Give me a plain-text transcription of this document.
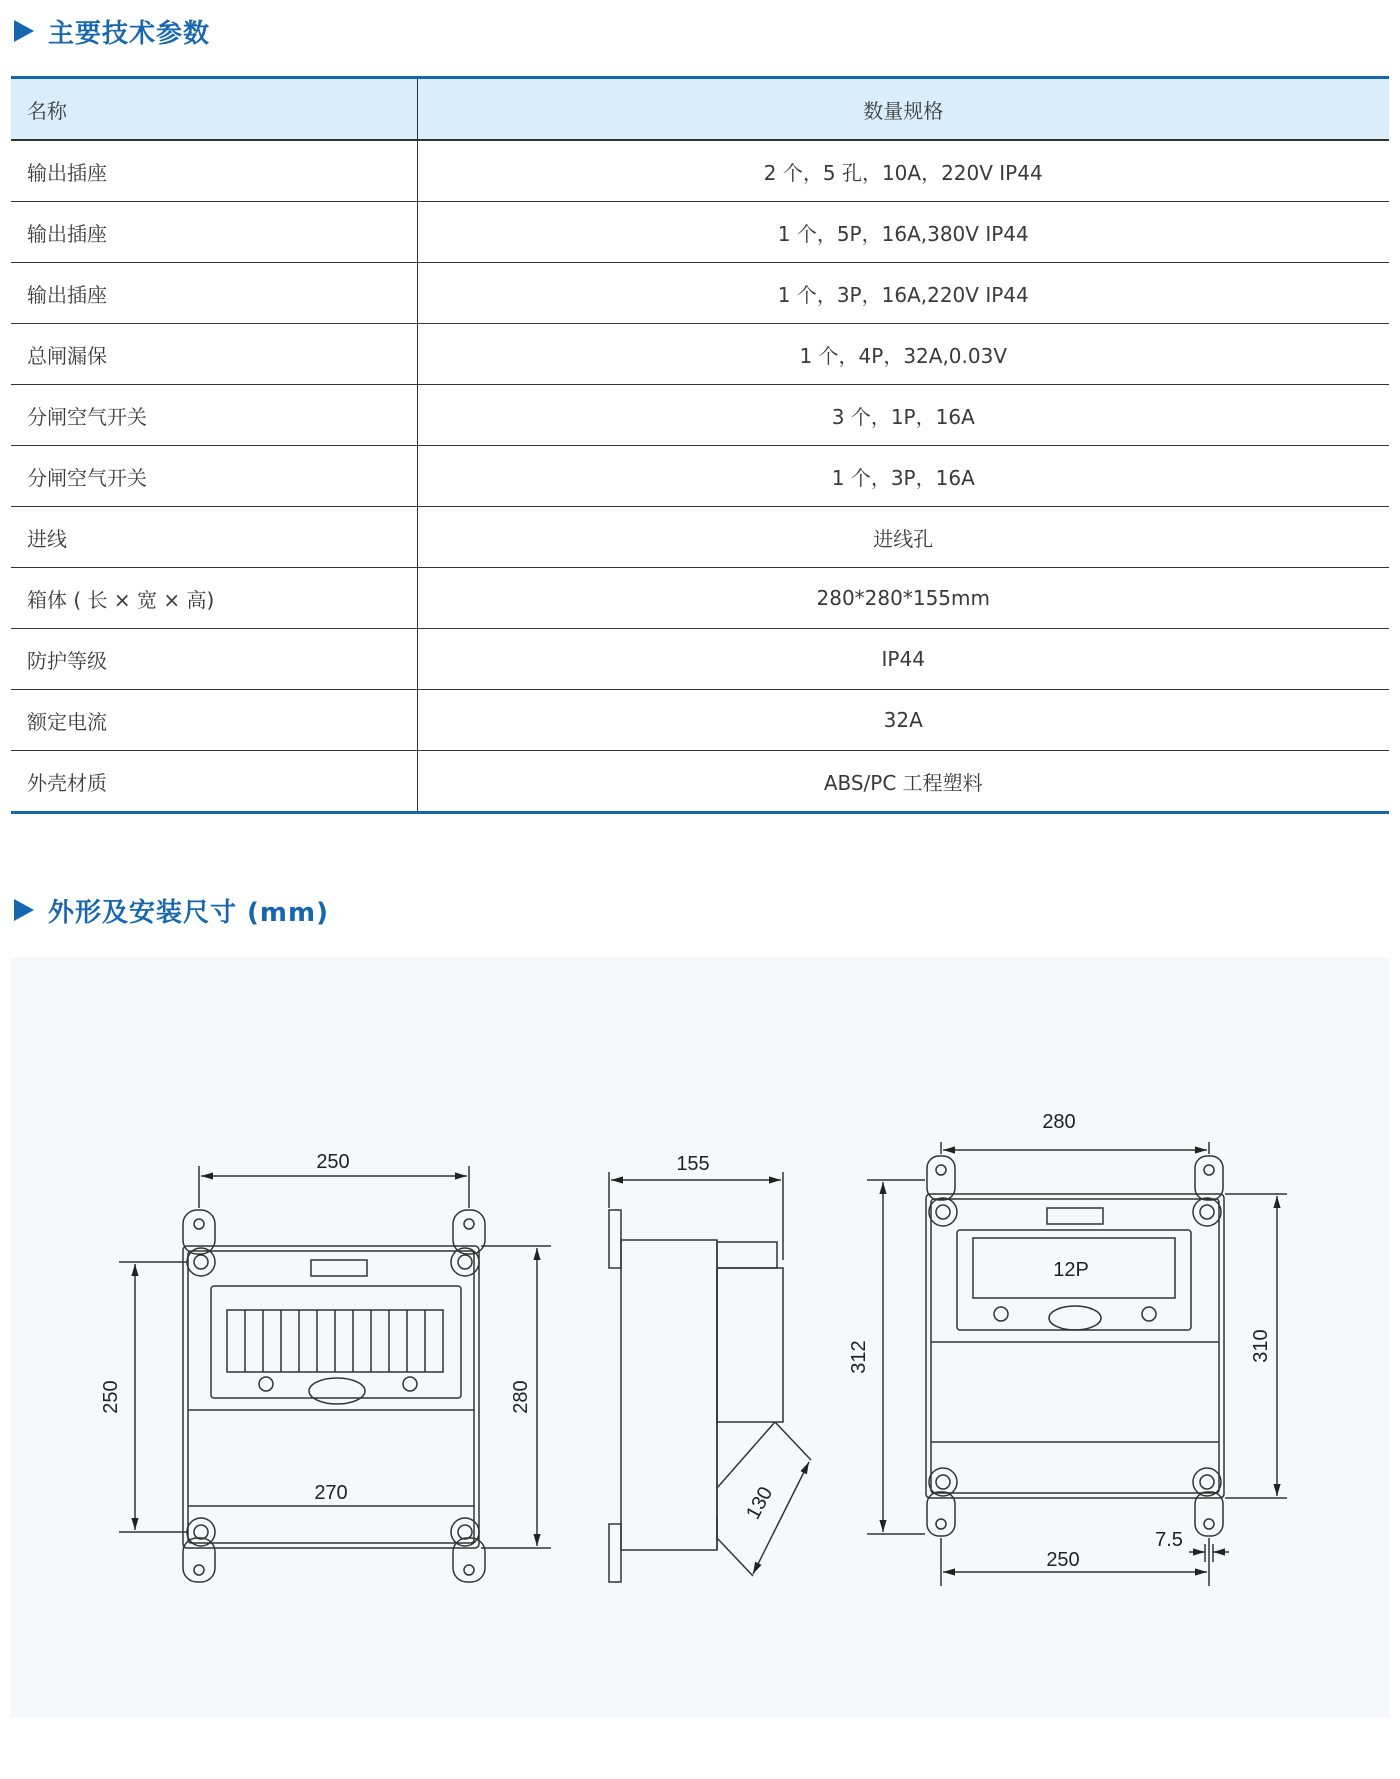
主要技术参数
名称	数量规格
输出插座	2 个，5 孔，10A，220V IP44
输出插座	1 个，5P，16A,380V IP44
输出插座	1 个，3P，16A,220V IP44
总闸漏保	1 个，4P，32A,0.03V
分闸空气开关	3 个，1P，16A
分闸空气开关	1 个，3P，16A
进线	进线孔
箱体 ( 长 × 宽 × 高)	280*280*155mm
防护等级	IP44
额定电流	32A
外壳材质	ABS/PC 工程塑料
外形及安装尺寸 (mm)
250
250
270
280
155
130
280
312	310
12P
250
7.5
